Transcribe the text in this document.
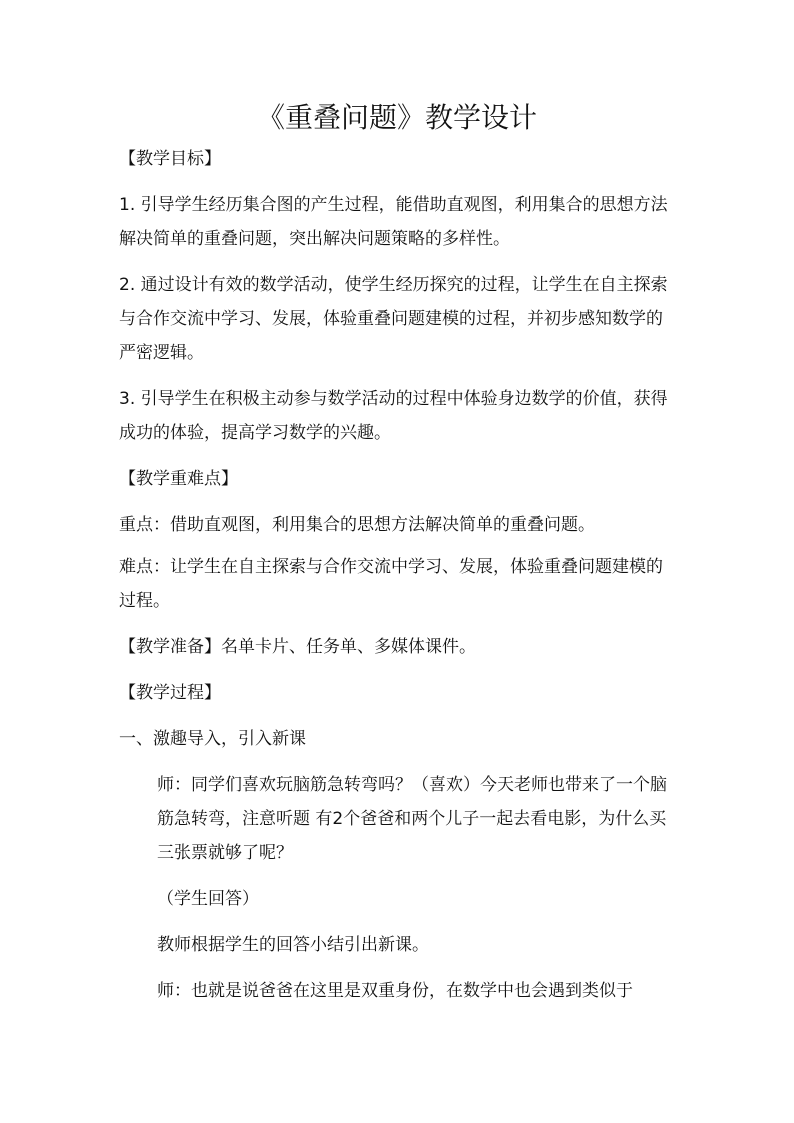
《重叠问题》教学设计
【教学目标】
1. 引导学生经历集合图的产生过程，能借助直观图，利用集合的思想方法解决简单的重叠问题，突出解决问题策略的多样性。
2. 通过设计有效的数学活动，使学生经历探究的过程，让学生在自主探索与合作交流中学习、发展，体验重叠问题建模的过程，并初步感知数学的严密逻辑。
3. 引导学生在积极主动参与数学活动的过程中体验身边数学的价值，获得成功的体验，提高学习数学的兴趣。
【教学重难点】
重点：借助直观图，利用集合的思想方法解决简单的重叠问题。
难点：让学生在自主探索与合作交流中学习、发展，体验重叠问题建模的过程。
【教学准备】名单卡片、任务单、多媒体课件。
【教学过程】
一、激趣导入，引入新课
师：同学们喜欢玩脑筋急转弯吗？（喜欢）今天老师也带来了一个脑筋急转弯，注意听题 有2个爸爸和两个儿子一起去看电影，为什么买三张票就够了呢？
（学生回答）
教师根据学生的回答小结引出新课。
师：也就是说爸爸在这里是双重身份，在数学中也会遇到类似于
